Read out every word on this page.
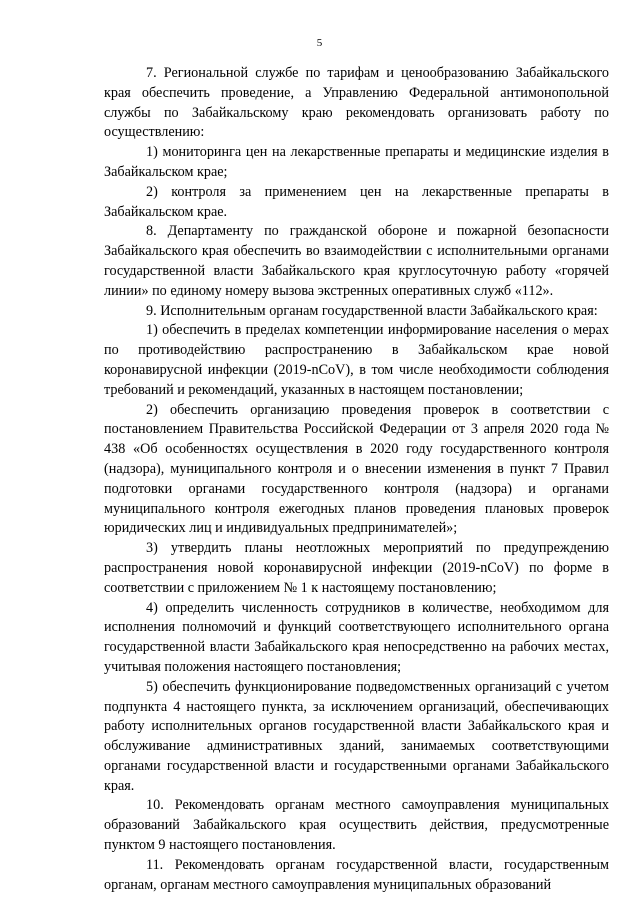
5

7. Региональной службе по тарифам и ценообразованию Забайкальского края обеспечить проведение, а Управлению Федеральной антимонопольной службы по Забайкальскому краю рекомендовать организовать работу по осуществлению:

1) мониторинга цен на лекарственные препараты и медицинские изделия в Забайкальском крае;

2) контроля за применением цен на лекарственные препараты в Забайкальском крае.

8. Департаменту по гражданской обороне и пожарной безопасности Забайкальского края обеспечить во взаимодействии с исполнительными органами государственной власти Забайкальского края круглосуточную работу «горячей линии» по единому номеру вызова экстренных оперативных служб «112».

9. Исполнительным органам государственной власти Забайкальского края:

1) обеспечить в пределах компетенции информирование населения о мерах по противодействию распространению в Забайкальском крае новой коронавирусной инфекции (2019-nCoV), в том числе необходимости соблюдения требований и рекомендаций, указанных в настоящем постановлении;

2) обеспечить организацию проведения проверок в соответствии с постановлением Правительства Российской Федерации от 3 апреля 2020 года № 438 «Об особенностях осуществления в 2020 году государственного контроля (надзора), муниципального контроля и о внесении изменения в пункт 7 Правил подготовки органами государственного контроля (надзора) и органами муниципального контроля ежегодных планов проведения плановых проверок юридических лиц и индивидуальных предпринимателей»;

3) утвердить планы неотложных мероприятий по предупреждению распространения новой коронавирусной инфекции (2019-nCoV) по форме в соответствии с приложением № 1 к настоящему постановлению;

4) определить численность сотрудников в количестве, необходимом для исполнения полномочий и функций соответствующего исполнительного органа государственной власти Забайкальского края непосредственно на рабочих местах, учитывая положения настоящего постановления;

5) обеспечить функционирование подведомственных организаций с учетом подпункта 4 настоящего пункта, за исключением организаций, обеспечивающих работу исполнительных органов государственной власти Забайкальского края и обслуживание административных зданий, занимаемых соответствующими органами государственной власти и государственными органами Забайкальского края.

10. Рекомендовать органам местного самоуправления муниципальных образований Забайкальского края осуществить действия, предусмотренные пунктом 9 настоящего постановления.

11. Рекомендовать органам государственной власти, государственным органам, органам местного самоуправления муниципальных образований
